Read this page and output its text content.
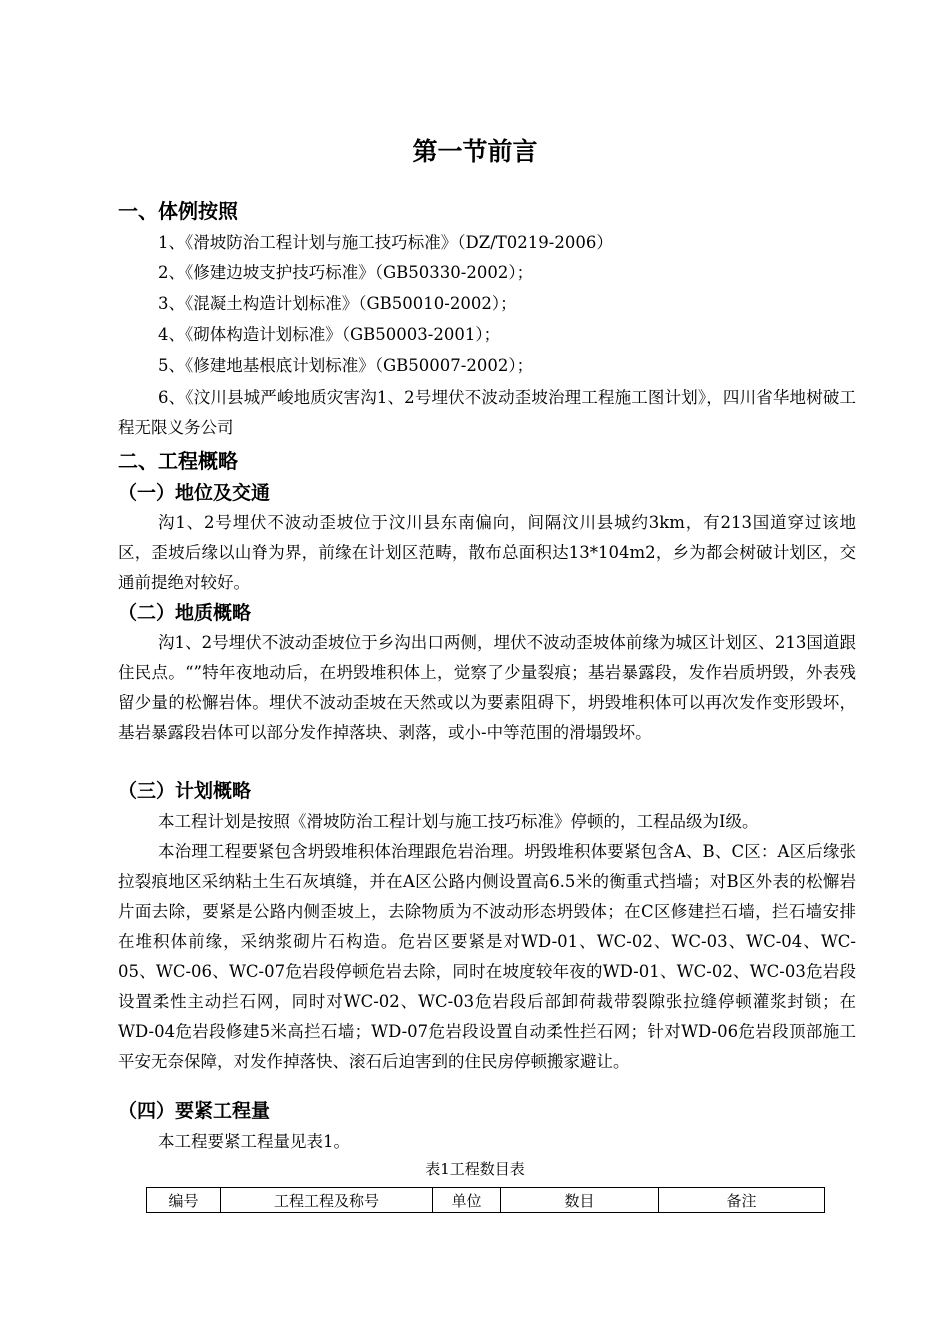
第一节前言
一、体例按照
1、《滑坡防治工程计划与施工技巧标准》（DZ/T0219-2006）
2、《修建边坡支护技巧标准》（GB50330-2002）；
3、《混凝土构造计划标准》（GB50010-2002）；
4、《砌体构造计划标准》（GB50003-2001）；
5、《修建地基根底计划标准》（GB50007-2002）；
6、《汶川县城严峻地质灾害沟1、2号埋伏不波动歪坡治理工程施工图计划》，四川省华地树破工程无限义务公司
二、工程概略
（一）地位及交通
沟1、2号埋伏不波动歪坡位于汶川县东南偏向，间隔汶川县城约3km，有213国道穿过该地区，歪坡后缘以山脊为界，前缘在计划区范畴，散布总面积达13*104m2，乡为都会树破计划区，交通前提绝对较好。
（二）地质概略
沟1、2号埋伏不波动歪坡位于乡沟出口两侧，埋伏不波动歪坡体前缘为城区计划区、213国道跟住民点。“”特年夜地动后，在坍毁堆积体上，觉察了少量裂痕；基岩暴露段，发作岩质坍毁，外表残留少量的松懈岩体。埋伏不波动歪坡在天然或以为要素阻碍下，坍毁堆积体可以再次发作变形毁坏，基岩暴露段岩体可以部分发作掉落块、剥落，或小-中等范围的滑塌毁坏。
（三）计划概略
本工程计划是按照《滑坡防治工程计划与施工技巧标准》停顿的，工程品级为Ⅰ级。
本治理工程要紧包含坍毁堆积体治理跟危岩治理。坍毁堆积体要紧包含A、B、C区：A区后缘张拉裂痕地区采纳粘土生石灰填缝，并在A区公路内侧设置高6.5米的衡重式挡墙；对B区外表的松懈岩片面去除，要紧是公路内侧歪坡上，去除物质为不波动形态坍毁体；在C区修建拦石墙，拦石墙安排在堆积体前缘，采纳浆砌片石构造。危岩区要紧是对WD-01、WC-02、WC-03、WC-04、WC-05、WC-06、WC-07危岩段停顿危岩去除，同时在坡度较年夜的WD-01、WC-02、WC-03危岩段设置柔性主动拦石网，同时对WC-02、WC-03危岩段后部卸荷裁带裂隙张拉缝停顿灌浆封锁；在WD-04危岩段修建5米高拦石墙；WD-07危岩段设置自动柔性拦石网；针对WD-06危岩段顶部施工平安无奈保障，对发作掉落快、滚石后迫害到的住民房停顿搬家避让。
（四）要紧工程量
本工程要紧工程量见表1。
表1工程数目表
编号	工程工程及称号	单位	数目	备注
